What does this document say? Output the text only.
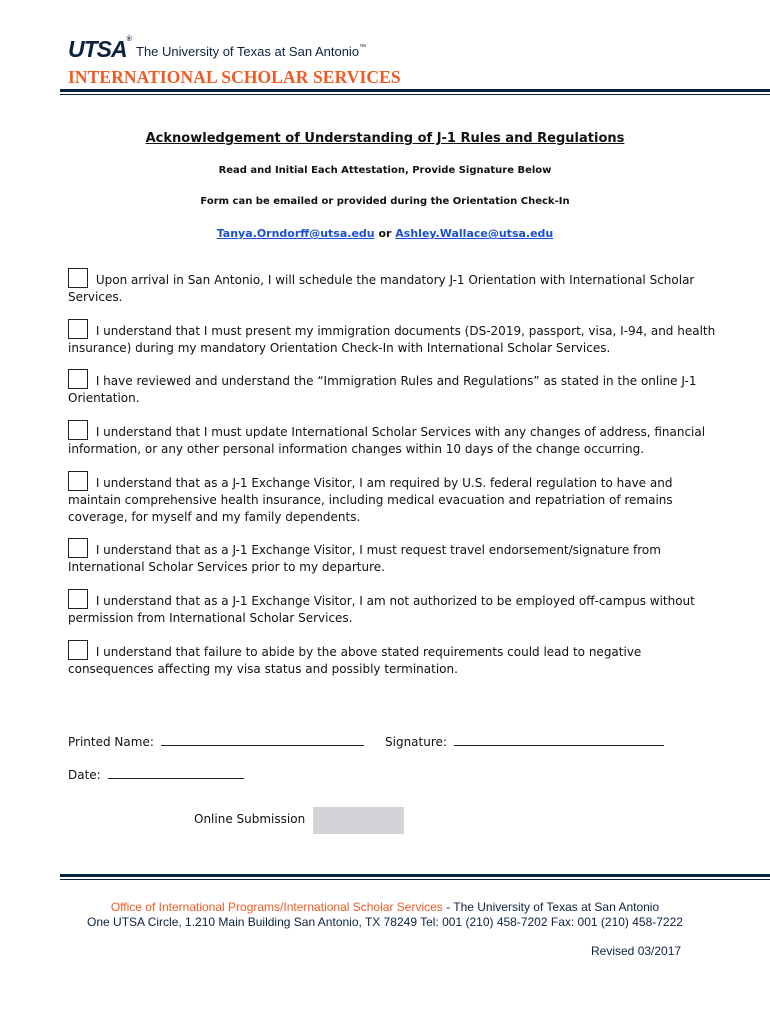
UTSA®
The University of Texas at San Antonio™
INTERNATIONAL SCHOLAR SERVICES
Acknowledgement of Understanding of J-1 Rules and Regulations
Read and Initial Each Attestation, Provide Signature Below
Form can be emailed or provided during the Orientation Check-In
Tanya.Orndorff@utsa.edu or Ashley.Wallace@utsa.edu
Upon arrival in San Antonio, I will schedule the mandatory J-1 Orientation with International Scholar Services.
I understand that I must present my immigration documents (DS-2019, passport, visa, I-94, and health insurance) during my mandatory Orientation Check-In with International Scholar Services.
I have reviewed and understand the “Immigration Rules and Regulations” as stated in the online J-1 Orientation.
I understand that I must update International Scholar Services with any changes of address, financial information, or any other personal information changes within 10 days of the change occurring.
I understand that as a J-1 Exchange Visitor, I am required by U.S. federal regulation to have and maintain comprehensive health insurance, including medical evacuation and repatriation of remains coverage, for myself and my family dependents.
I understand that as a J-1 Exchange Visitor, I must request travel endorsement/signature from International Scholar Services prior to my departure.
I understand that as a J-1 Exchange Visitor, I am not authorized to be employed off-campus without permission from International Scholar Services.
I understand that failure to abide by the above stated requirements could lead to negative consequences affecting my visa status and possibly termination.
Printed Name:	Signature:
Date:
Online Submission
Office of International Programs/International Scholar Services - The University of Texas at San Antonio
One UTSA Circle, 1.210 Main Building San Antonio, TX 78249 Tel: 001 (210) 458-7202 Fax: 001 (210) 458-7222
Revised 03/2017
